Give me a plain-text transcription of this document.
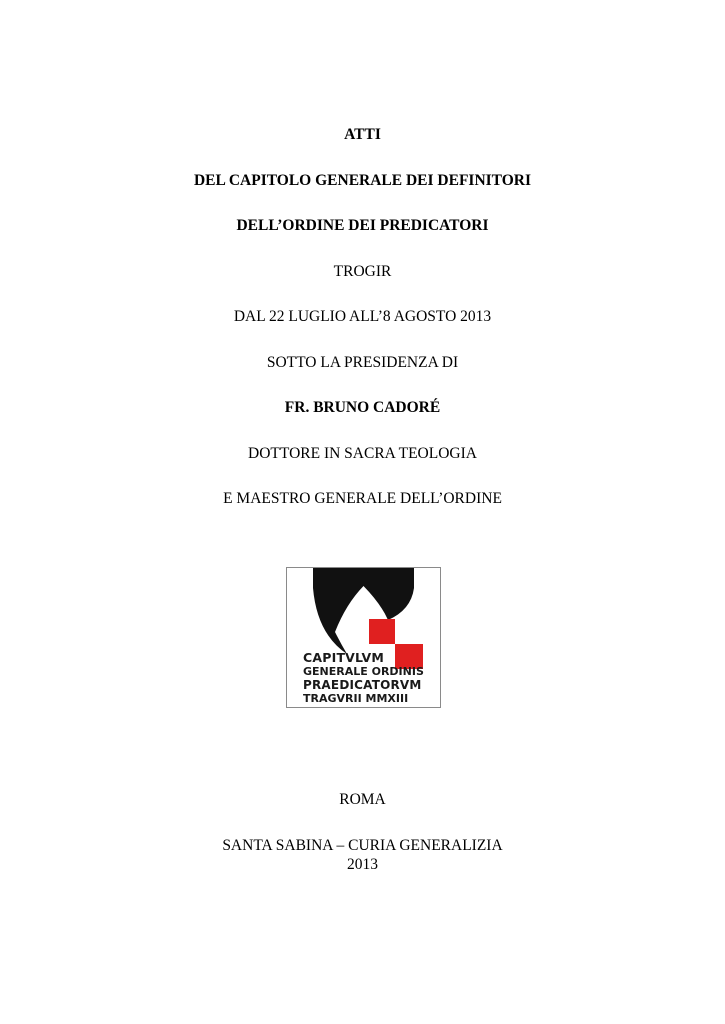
ATTI
DEL CAPITOLO GENERALE DEI DEFINITORI
DELL’ORDINE DEI PREDICATORI
TROGIR
DAL 22 LUGLIO ALL’8 AGOSTO 2013
SOTTO LA PRESIDENZA DI
FR. BRUNO CADORÉ
DOTTORE IN SACRA TEOLOGIA
E MAESTRO GENERALE DELL’ORDINE
CAPITVLVM
GENERALE ORDINIS
PRAEDICATORVM
TRAGVRII MMXIII
ROMA
SANTA SABINA – CURIA GENERALIZIA
2013
